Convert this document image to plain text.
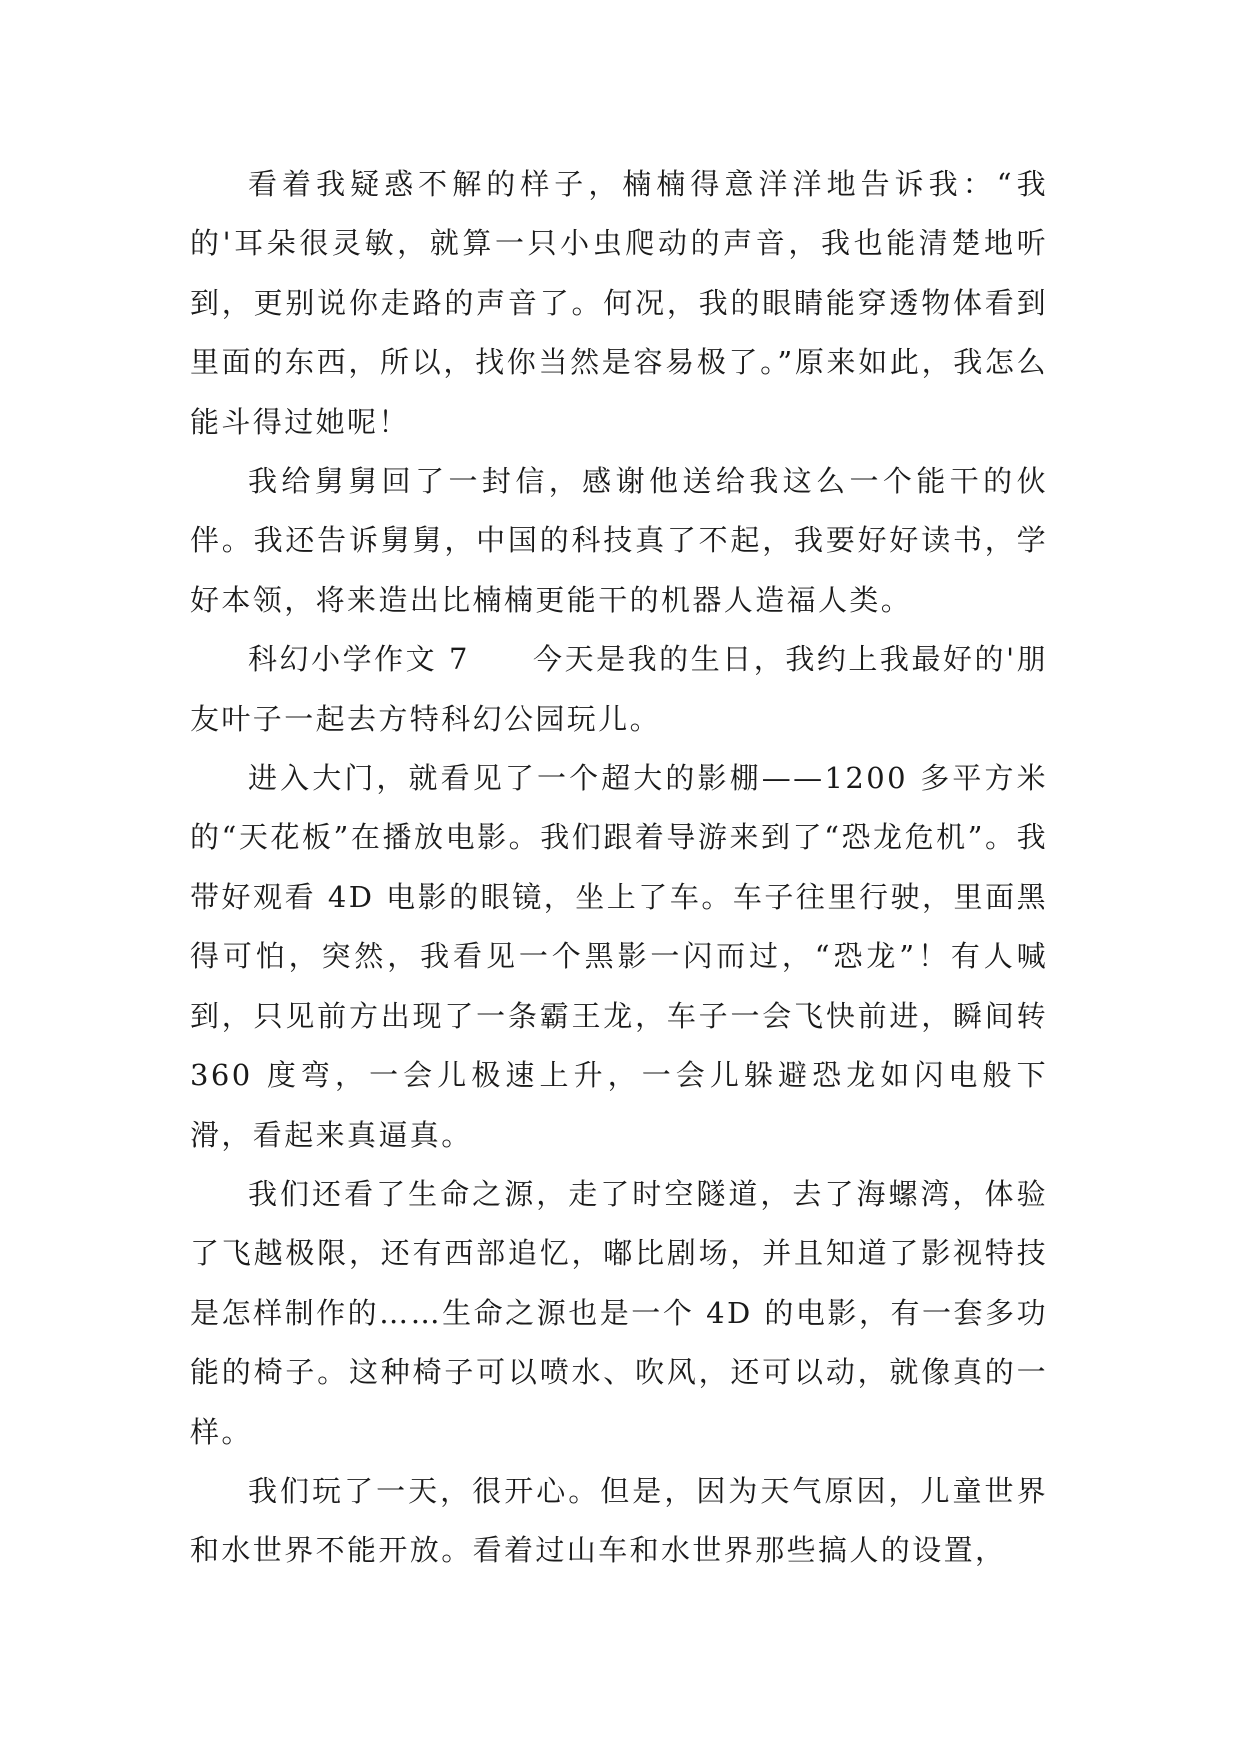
看着我疑惑不解的样子，楠楠得意洋洋地告诉我：“我的'耳朵很灵敏，就算一只小虫爬动的声音，我也能清楚地听到，更别说你走路的声音了。何况，我的眼睛能穿透物体看到里面的东西，所以，找你当然是容易极了。”原来如此，我怎么能斗得过她呢！

我给舅舅回了一封信，感谢他送给我这么一个能干的伙伴。我还告诉舅舅，中国的科技真了不起，我要好好读书，学好本领，将来造出比楠楠更能干的机器人造福人类。

科幻小学作文 7　　今天是我的生日，我约上我最好的'朋友叶子一起去方特科幻公园玩儿。

进入大门，就看见了一个超大的影棚——1200 多平方米的“天花板”在播放电影。我们跟着导游来到了“恐龙危机”。我带好观看 4D 电影的眼镜，坐上了车。车子往里行驶，里面黑得可怕，突然，我看见一个黑影一闪而过，“恐龙”！有人喊到，只见前方出现了一条霸王龙，车子一会飞快前进，瞬间转 360 度弯，一会儿极速上升，一会儿躲避恐龙如闪电般下滑，看起来真逼真。

我们还看了生命之源，走了时空隧道，去了海螺湾，体验了飞越极限，还有西部追忆，嘟比剧场，并且知道了影视特技是怎样制作的……生命之源也是一个 4D 的电影，有一套多功能的椅子。这种椅子可以喷水、吹风，还可以动，就像真的一样。

我们玩了一天，很开心。但是，因为天气原因，儿童世界和水世界不能开放。看着过山车和水世界那些搞人的设置，
